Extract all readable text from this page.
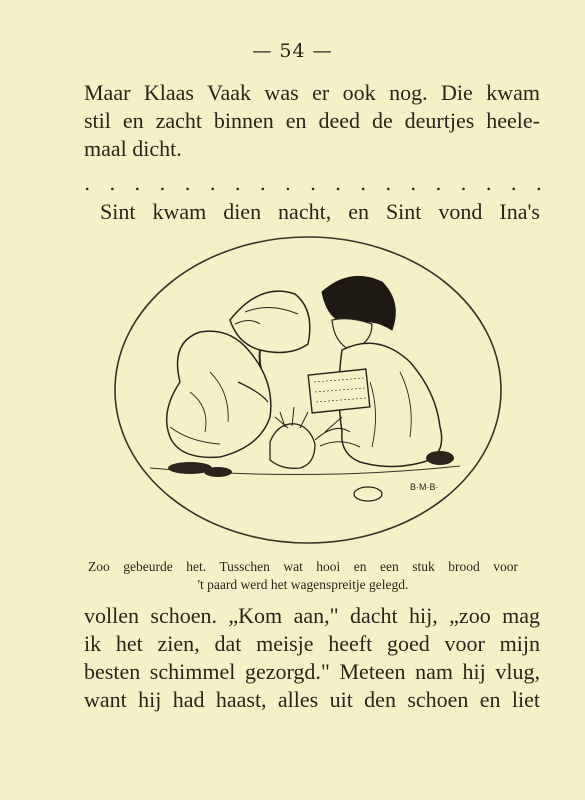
— 54 —
Maar Klaas Vaak was er ook nog. Die kwam
stil en zacht binnen en deed de deurtjes heele-
maal dicht.
. . . . . . . . . . . . . . . . . . .
Sint kwam dien nacht, en Sint vond Ina's
B·M·B·
Zoo gebeurde het. Tusschen wat hooi en een stuk brood voor
't paard werd het wagenspreitje gelegd.
vollen schoen. „Kom aan," dacht hij, „zoo mag
ik het zien, dat meisje heeft goed voor mijn
besten schimmel gezorgd." Meteen nam hij vlug,
want hij had haast, alles uit den schoen en liet
